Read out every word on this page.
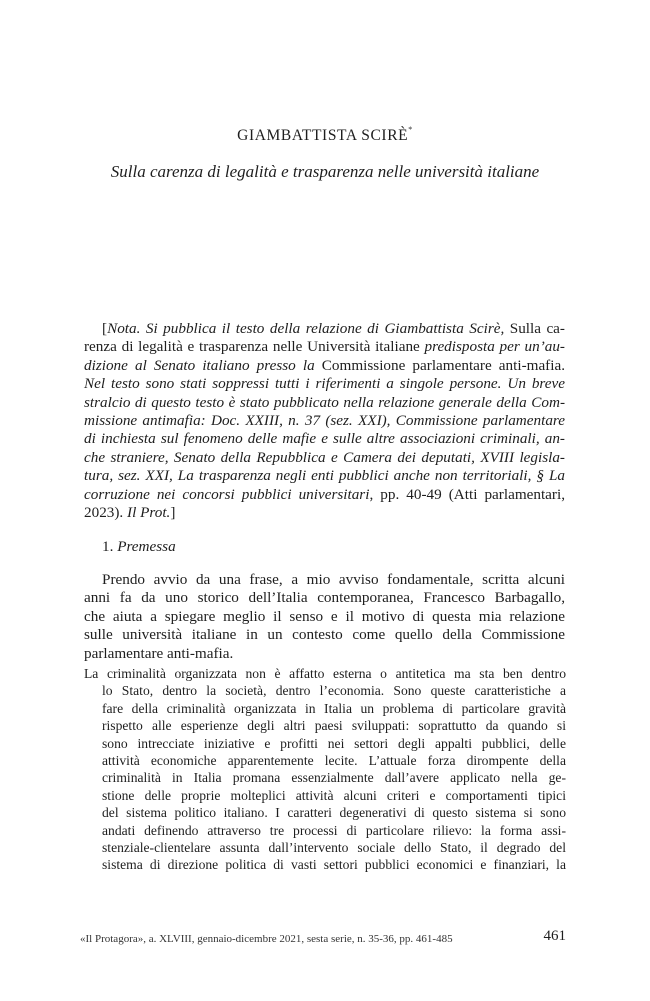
GIAMBATTISTA SCIRÈ*
Sulla carenza di legalità e trasparenza nelle università italiane
[Nota. Si pubblica il testo della relazione di Giambattista Scirè, Sulla ca-
renza di legalità e trasparenza nelle Università italiane predisposta per un’au-
dizione al Senato italiano presso la Commissione parlamentare anti-mafia.
Nel testo sono stati soppressi tutti i riferimenti a singole persone. Un breve
stralcio di questo testo è stato pubblicato nella relazione generale della Com-
missione antimafia: Doc. XXIII, n. 37 (sez. XXI), Commissione parlamentare
di inchiesta sul fenomeno delle mafie e sulle altre associazioni criminali, an-
che straniere, Senato della Repubblica e Camera dei deputati, XVIII legisla-
tura, sez. XXI, La trasparenza negli enti pubblici anche non territoriali, § La
corruzione nei concorsi pubblici universitari, pp. 40-49 (Atti parlamentari,
2023). Il Prot.]
1. Premessa
Prendo avvio da una frase, a mio avviso fondamentale, scritta alcuni
anni fa da uno storico dell’Italia contemporanea, Francesco Barbagallo,
che aiuta a spiegare meglio il senso e il motivo di questa mia relazione
sulle università italiane in un contesto come quello della Commissione
parlamentare anti-mafia.
La criminalità organizzata non è affatto esterna o antitetica ma sta ben dentro
lo Stato, dentro la società, dentro l’economia. Sono queste caratteristiche a
fare della criminalità organizzata in Italia un problema di particolare gravità
rispetto alle esperienze degli altri paesi sviluppati: soprattutto da quando si
sono intrecciate iniziative e profitti nei settori degli appalti pubblici, delle
attività economiche apparentemente lecite. L’attuale forza dirompente della
criminalità in Italia promana essenzialmente dall’avere applicato nella ge-
stione delle proprie molteplici attività alcuni criteri e comportamenti tipici
del sistema politico italiano. I caratteri degenerativi di questo sistema si sono
andati definendo attraverso tre processi di particolare rilievo: la forma assi-
stenziale-clientelare assunta dall’intervento sociale dello Stato, il degrado del
sistema di direzione politica di vasti settori pubblici economici e finanziari, la
«Il Protagora», a. XLVIII, gennaio-dicembre 2021, sesta serie, n. 35-36, pp. 461-485	461
